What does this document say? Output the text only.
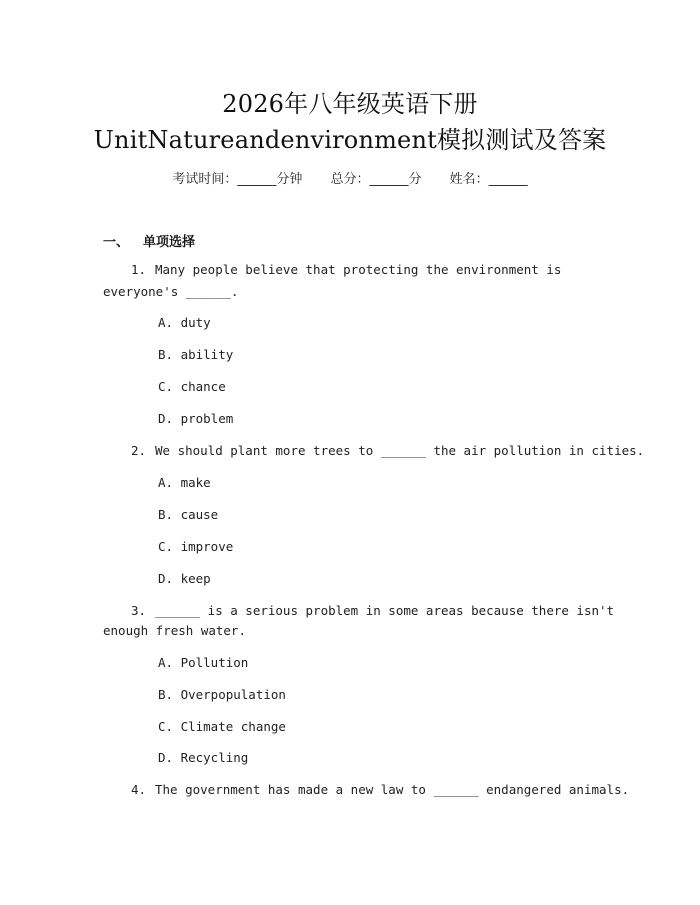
2026年八年级英语下册
UnitNatureandenvironment模拟测试及答案
考试时间：______分钟 总分：______分 姓名：______
一、 单项选择
1. Many people believe that protecting the environment is
everyone's ______.
A. duty
B. ability
C. chance
D. problem
2. We should plant more trees to ______ the air pollution in cities.
A. make
B. cause
C. improve
D. keep
3. ______ is a serious problem in some areas because there isn't
enough fresh water.
A. Pollution
B. Overpopulation
C. Climate change
D. Recycling
4. The government has made a new law to ______ endangered animals.
